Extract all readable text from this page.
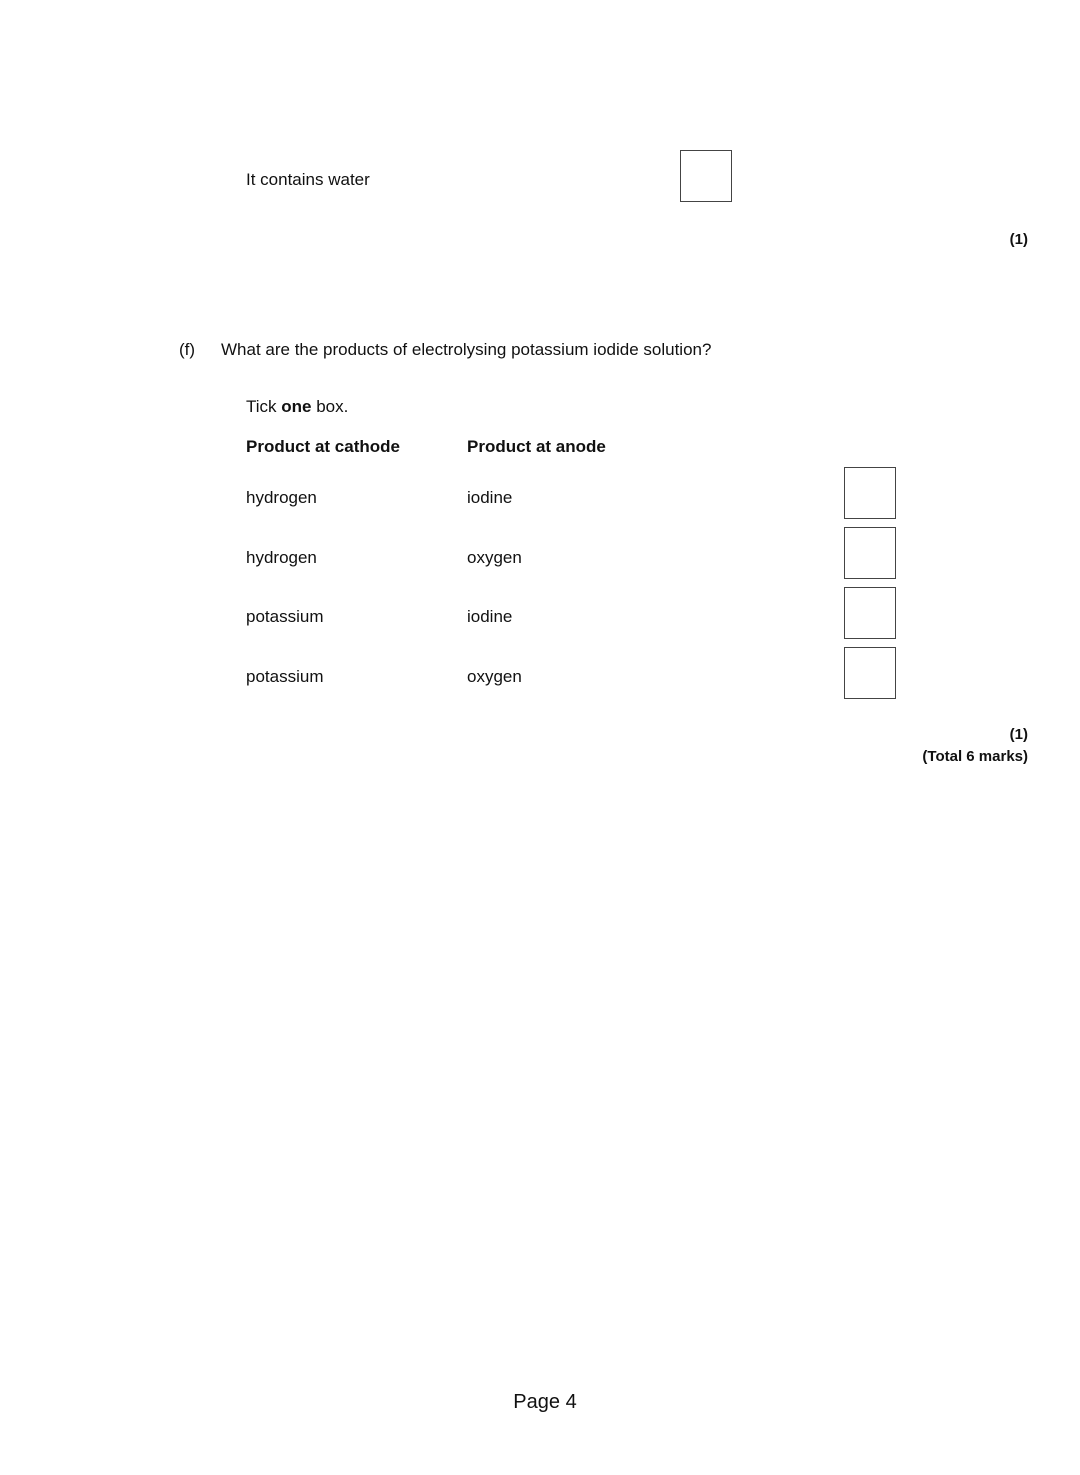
It contains water
(1)
(f) What are the products of electrolysing potassium iodide solution?
Tick one box.
Product at cathode	Product at anode
hydrogen	iodine
hydrogen	oxygen
potassium	iodine
potassium	oxygen
(1)
(Total 6 marks)
Page 4
